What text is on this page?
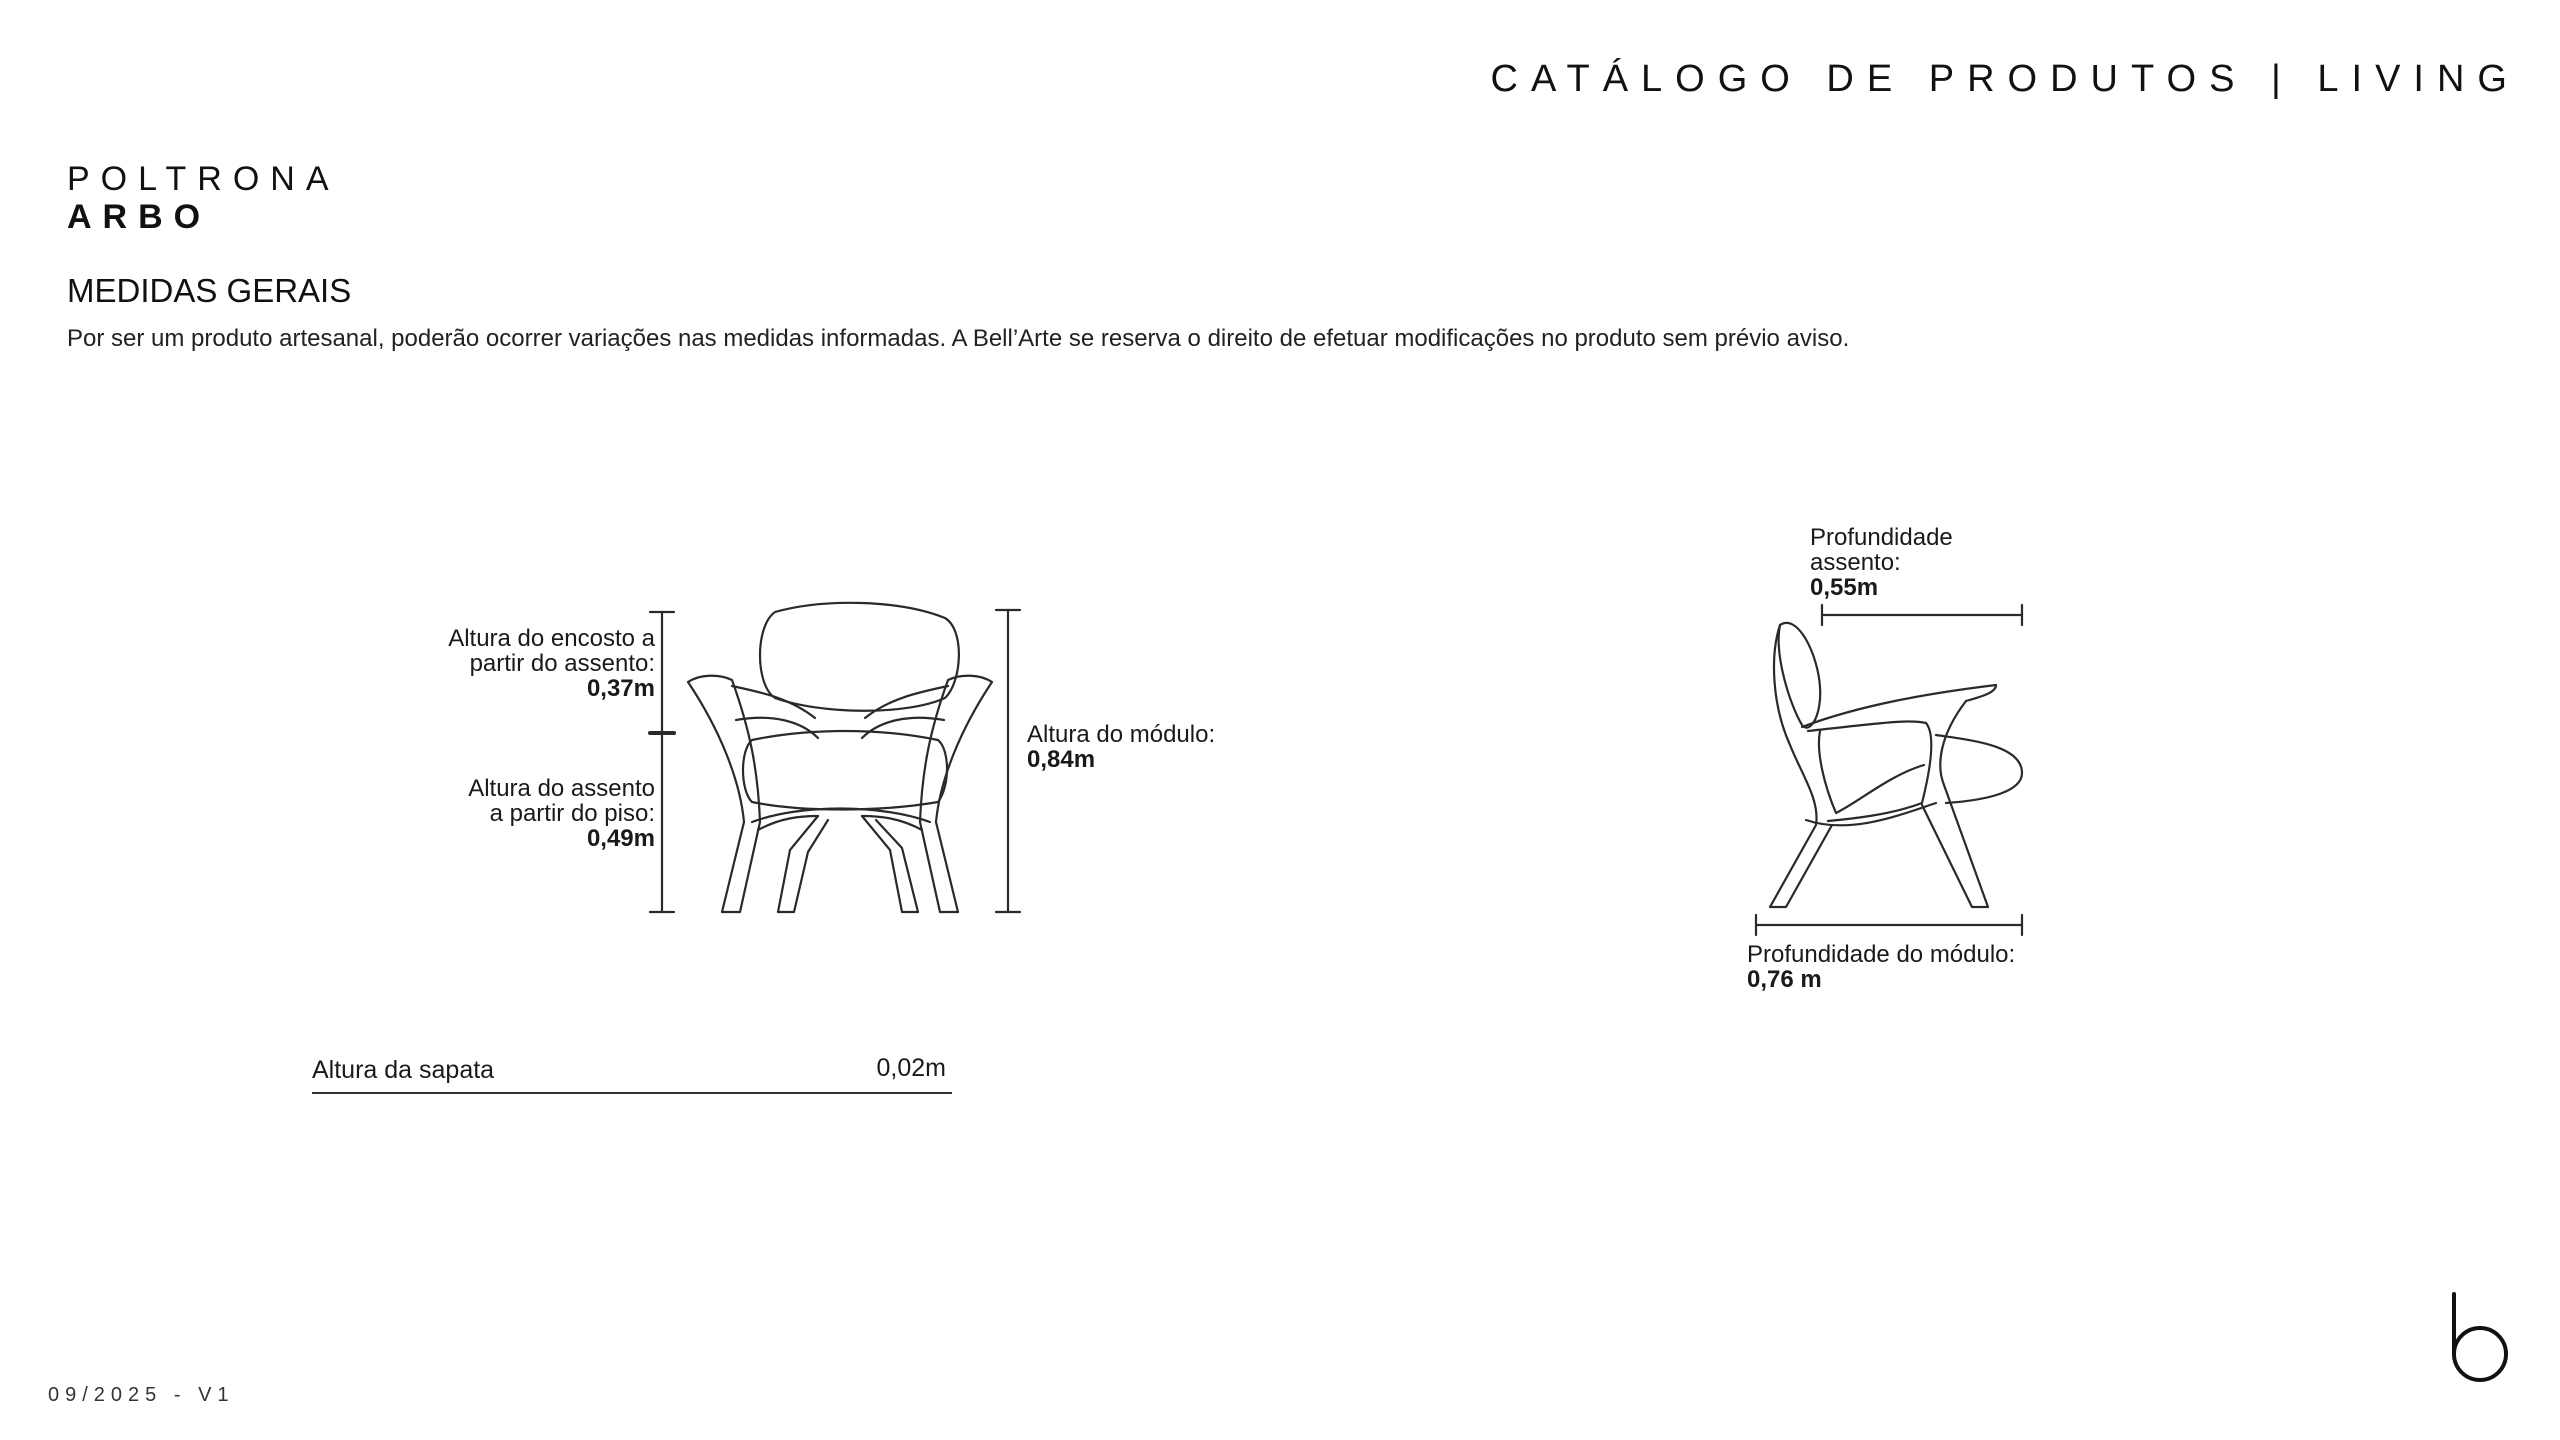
CATÁLOGO DE PRODUTOS | LIVING
POLTRONA
ARBO
MEDIDAS GERAIS
Por ser um produto artesanal, poderão ocorrer variações nas medidas informadas. A Bell’Arte se reserva o direito de efetuar modificações no produto sem prévio aviso.
Altura do encosto a
partir do assento:
0,37m
Altura do assento
a partir do piso:
0,49m
Altura do módulo:
0,84m
Profundidade
assento:
0,55m
Profundidade do módulo:
0,76 m
Altura da sapata	0,02m
09/2025 - V1
